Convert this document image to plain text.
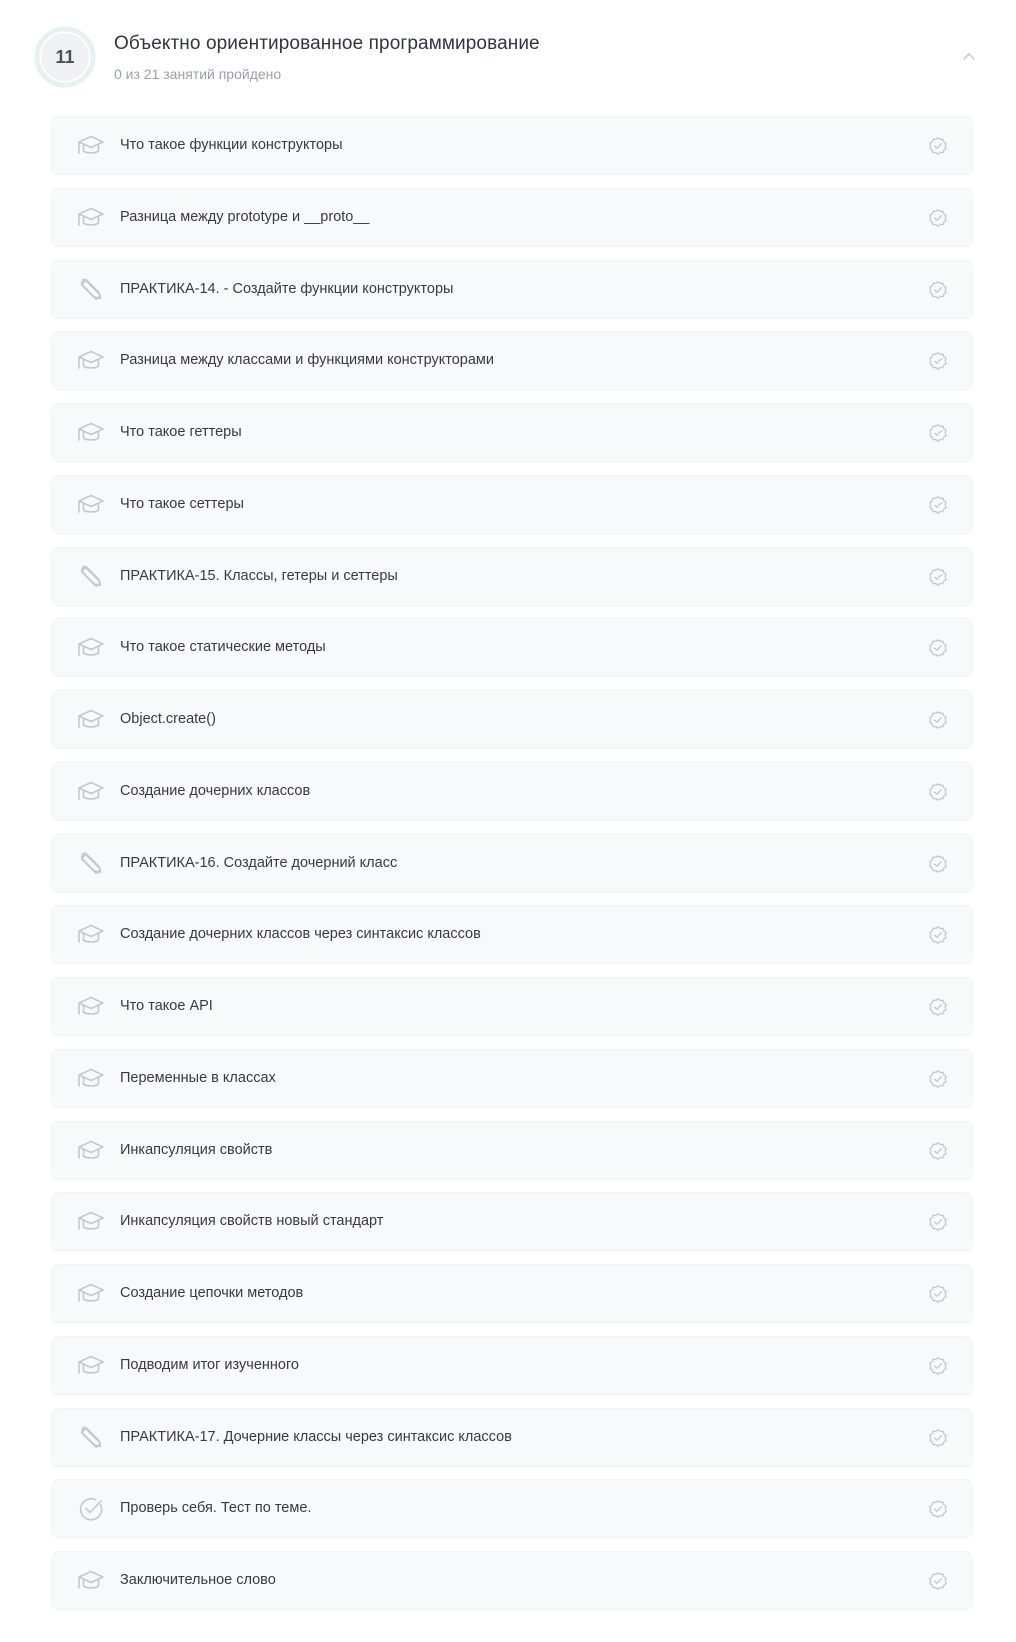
11
Объектно ориентированное программирование
0 из 21 занятий пройдено
Что такое функции конструкторы
Разница между prototype и __proto__
ПРАКТИКА-14. - Создайте функции конструкторы
Разница между классами и функциями конструкторами
Что такое геттеры
Что такое сеттеры
ПРАКТИКА-15. Классы, гетеры и сеттеры
Что такое статические методы
Object.create()
Создание дочерних классов
ПРАКТИКА-16. Создайте дочерний класс
Создание дочерних классов через синтаксис классов
Что такое API
Переменные в классах
Инкапсуляция свойств
Инкапсуляция свойств новый стандарт
Создание цепочки методов
Подводим итог изученного
ПРАКТИКА-17. Дочерние классы через синтаксис классов
Проверь себя. Тест по теме.
Заключительное слово
